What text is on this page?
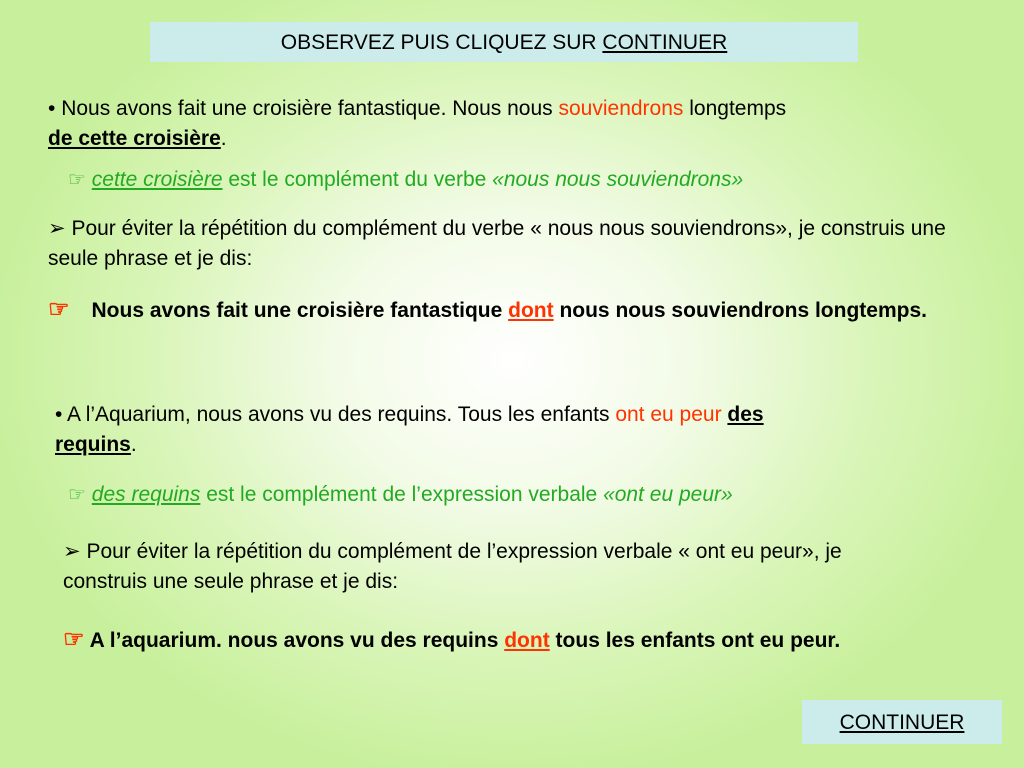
OBSERVEZ PUIS CLIQUEZ SUR CONTINUER
• Nous avons fait une croisière fantastique. Nous nous souviendrons longtemps
de cette croisière.
☞ cette croisière est le complément du verbe «nous nous souviendrons»
➢ Pour éviter la répétition du complément du verbe « nous nous souviendrons», je construis une seule phrase et je dis:
☞ Nous avons fait une croisière fantastique dont nous nous souviendrons longtemps.
• A l’Aquarium, nous avons vu des requins. Tous les enfants ont eu peur des
requins.
☞ des requins est le complément de l’expression verbale «ont eu peur»
➢ Pour éviter la répétition du complément de l’expression verbale « ont eu peur», je construis une seule phrase et je dis:
☞ A l’aquarium. nous avons vu des requins dont tous les enfants ont eu peur.
CONTINUER
